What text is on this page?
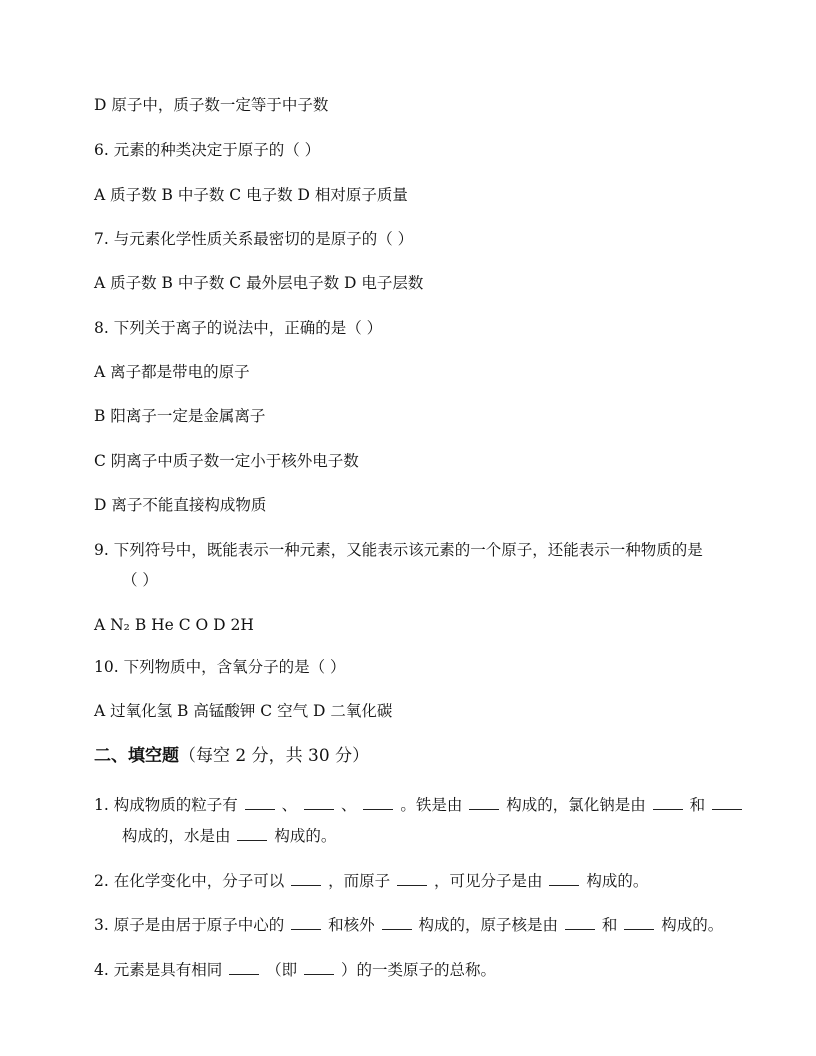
D 原子中，质子数一定等于中子数
6. 元素的种类决定于原子的（ ）
A 质子数 B 中子数 C 电子数 D 相对原子质量
7. 与元素化学性质关系最密切的是原子的（ ）
A 质子数 B 中子数 C 最外层电子数 D 电子层数
8. 下列关于离子的说法中，正确的是（ ）
A 离子都是带电的原子
B 阳离子一定是金属离子
C 阴离子中质子数一定小于核外电子数
D 离子不能直接构成物质
9. 下列符号中，既能表示一种元素，又能表示该元素的一个原子，还能表示一种物质的是
（ ）
A N₂ B He C O D 2H
10. 下列物质中，含氧分子的是（ ）
A 过氧化氢 B 高锰酸钾 C 空气 D 二氧化碳
二、填空题（每空 2 分，共 30 分）
1. 构成物质的粒子有	、	、	。铁是由	构成的，氯化钠是由	和
构成的，水是由	构成的。
2. 在化学变化中，分子可以	，而原子	，可见分子是由	构成的。
3. 原子是由居于原子中心的	和核外	构成的，原子核是由	和	构成的。
4. 元素是具有相同	（即	）的一类原子的总称。
